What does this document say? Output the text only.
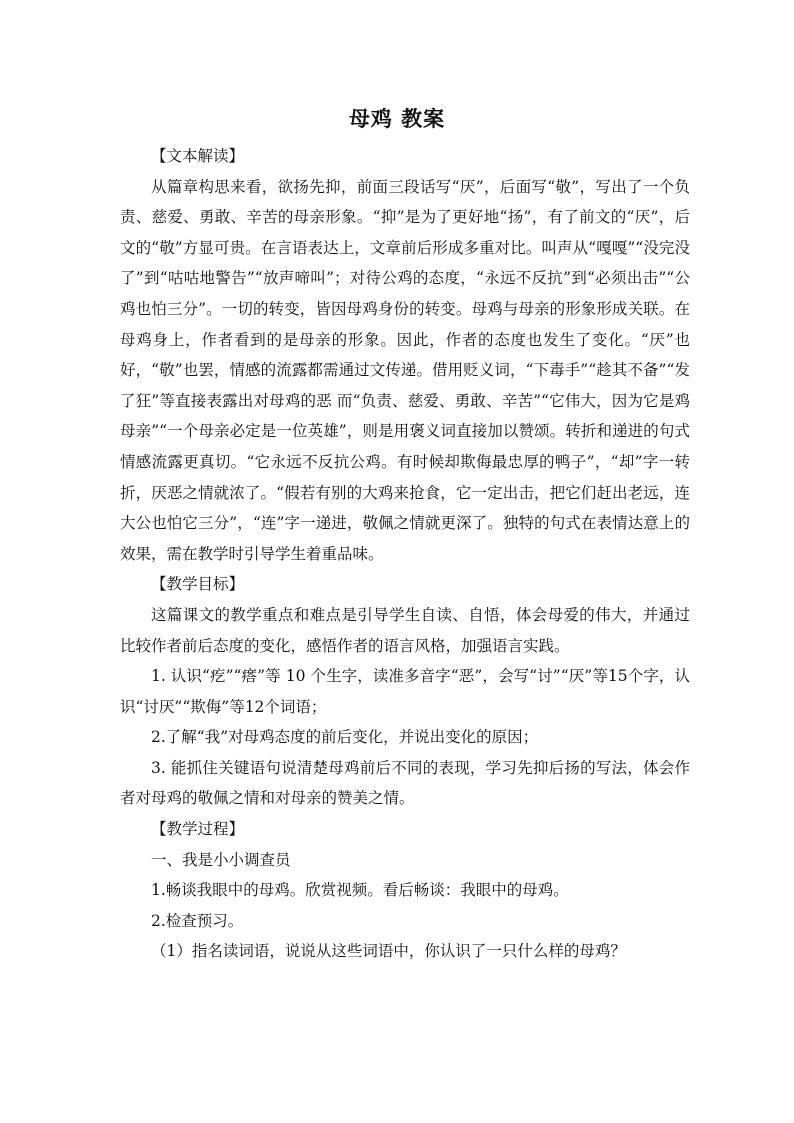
母鸡 教案

【文本解读】

从篇章构思来看，欲扬先抑，前面三段话写“厌”，后面写“敬”，写出了一个负责、慈爱、勇敢、辛苦的母亲形象。“抑”是为了更好地“扬”，有了前文的“厌”，后文的“敬”方显可贵。在言语表达上，文章前后形成多重对比。叫声从“嘎嘎”“没完没了”到“咕咕地警告”“放声啼叫”；对待公鸡的态度，“永远不反抗”到“必须出击”“公鸡也怕三分”。一切的转变，皆因母鸡身份的转变。母鸡与母亲的形象形成关联。在母鸡身上，作者看到的是母亲的形象。因此，作者的态度也发生了变化。“厌”也好，“敬”也罢，情感的流露都需通过文传递。借用贬义词，“下毒手”“趁其不备”“发了狂”等直接表露出对母鸡的恶 而“负责、慈爱、勇敢、辛苦”“它伟大，因为它是鸡母亲”“一个母亲必定是一位英雄”，则是用褒义词直接加以赞颂。转折和递进的句式情感流露更真切。“它永远不反抗公鸡。有时候却欺侮最忠厚的鸭子”，“却”字一转折，厌恶之情就浓了。“假若有别的大鸡来抢食，它一定出击，把它们赶出老远，连大公也怕它三分”，“连”字一递进，敬佩之情就更深了。独特的句式在表情达意上的效果，需在教学时引导学生着重品味。

【教学目标】

这篇课文的教学重点和难点是引导学生自读、自悟，体会母爱的伟大，并通过比较作者前后态度的变化，感悟作者的语言风格，加强语言实践。

1. 认识“疙”“瘩”等 10 个生字，读准多音字“恶”，会写“讨”“厌”等15个字，认识“讨厌”“欺侮”等12个词语；

2.了解“我”对母鸡态度的前后变化，并说出变化的原因；

3. 能抓住关键语句说清楚母鸡前后不同的表现，学习先抑后扬的写法，体会作者对母鸡的敬佩之情和对母亲的赞美之情。

【教学过程】

一、我是小小调查员

1.畅谈我眼中的母鸡。欣赏视频。看后畅谈：我眼中的母鸡。

2.检查预习。

（1）指名读词语，说说从这些词语中，你认识了一只什么样的母鸡？
